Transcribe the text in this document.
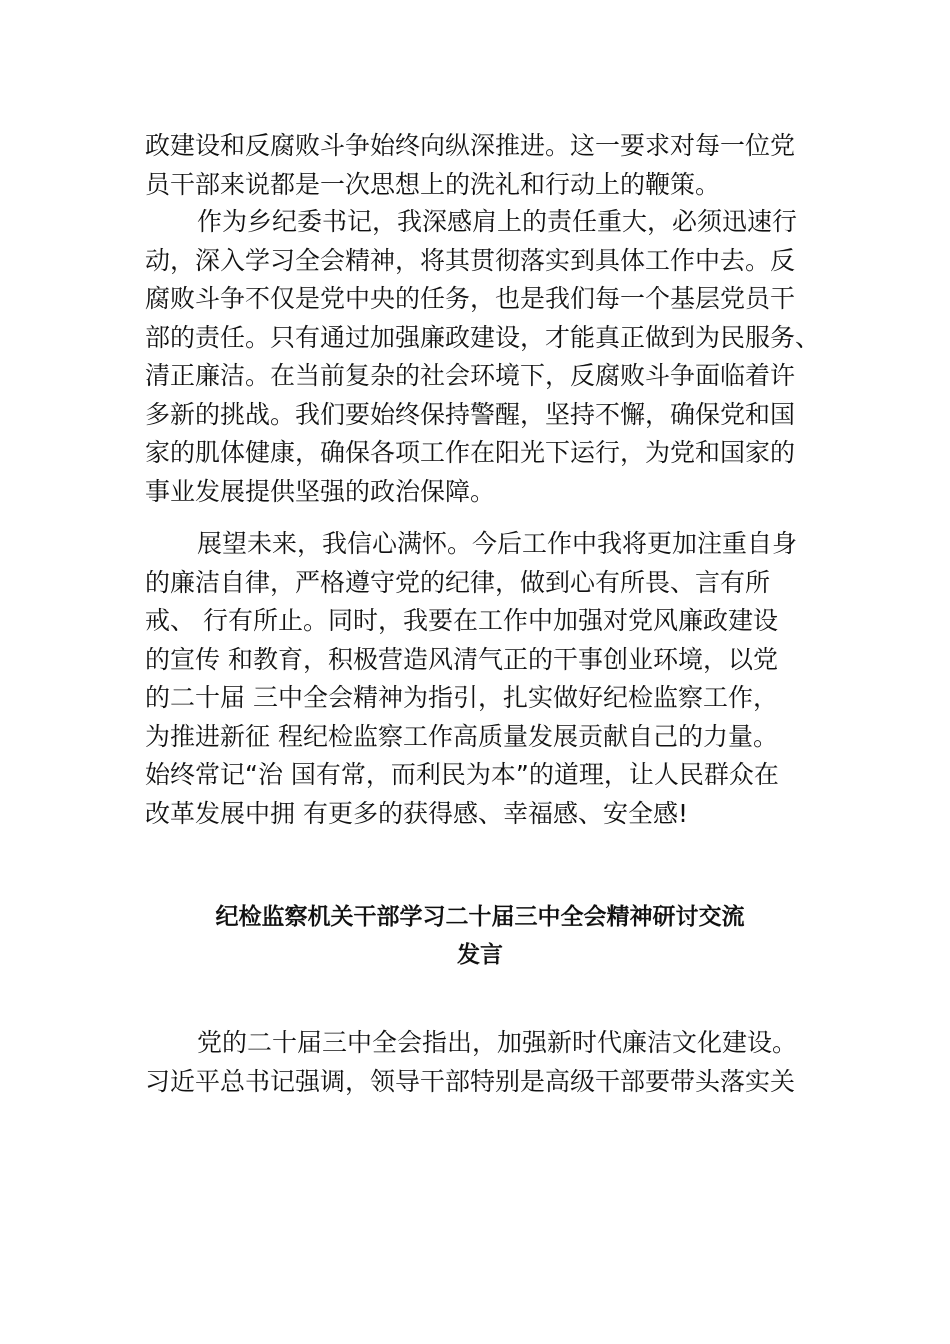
政建设和反腐败斗争始终向纵深推进。这一要求对每一位党
员干部来说都是一次思想上的洗礼和行动上的鞭策。
作为乡纪委书记，我深感肩上的责任重大，必须迅速行
动，深入学习全会精神，将其贯彻落实到具体工作中去。反
腐败斗争不仅是党中央的任务，也是我们每一个基层党员干
部的责任。只有通过加强廉政建设，才能真正做到为民服务、
清正廉洁。在当前复杂的社会环境下，反腐败斗争面临着许
多新的挑战。我们要始终保持警醒，坚持不懈，确保党和国
家的肌体健康，确保各项工作在阳光下运行，为党和国家的
事业发展提供坚强的政治保障。
展望未来，我信心满怀。今后工作中我将更加注重自身
的廉洁自律，严格遵守党的纪律，做到心有所畏、言有所
戒、 行有所止。同时，我要在工作中加强对党风廉政建设
的宣传 和教育，积极营造风清气正的干事创业环境，以党
的二十届 三中全会精神为指引，扎实做好纪检监察工作，
为推进新征 程纪检监察工作高质量发展贡献自己的力量。
始终常记“治 国有常，而利民为本”的道理，让人民群众在
改革发展中拥 有更多的获得感、幸福感、安全感!
纪检监察机关干部学习二十届三中全会精神研讨交流
发言
党的二十届三中全会指出，加强新时代廉洁文化建设。
习近平总书记强调，领导干部特别是高级干部要带头落实关
